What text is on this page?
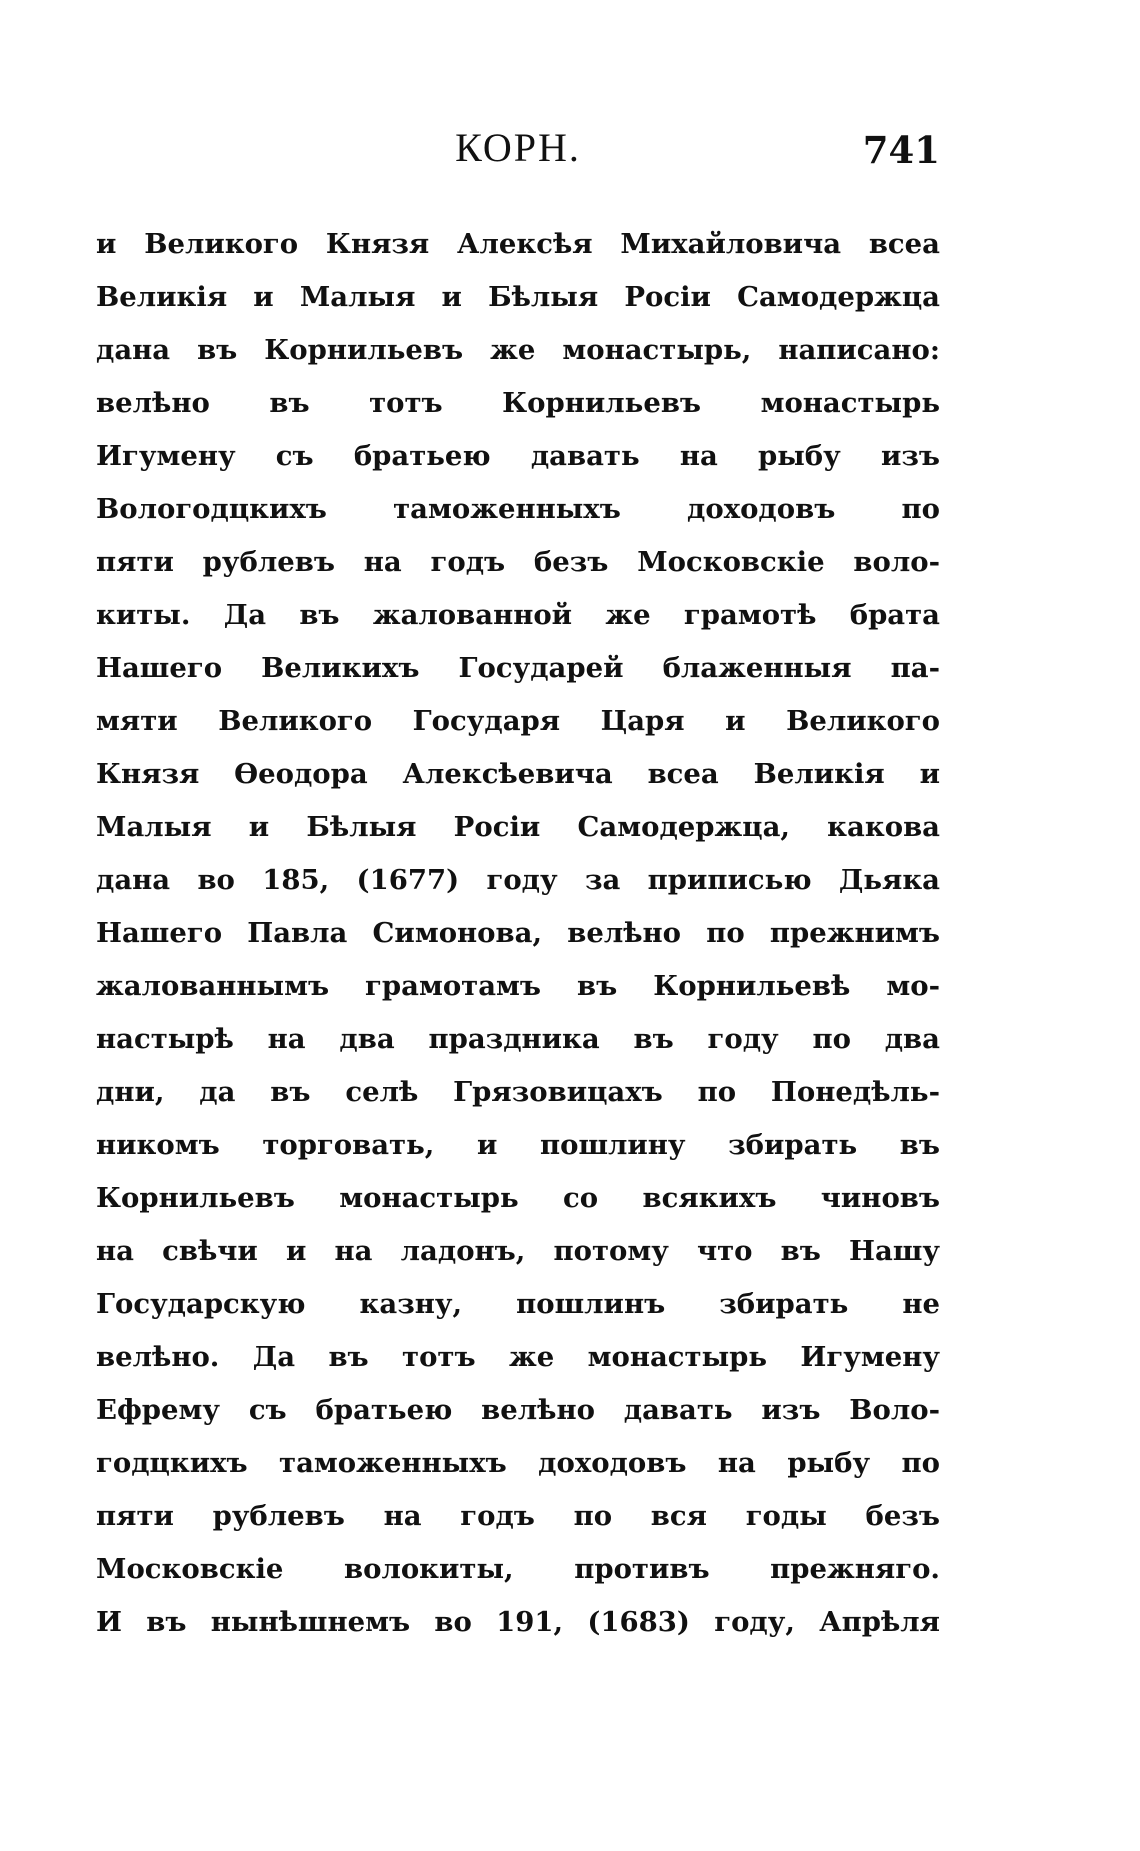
КОРН.	741
и Великого Князя Алексѣя Михайловича всеа
Великія и Малыя и Бѣлыя Росіи Самодержца
дана въ Корнильевъ же монастырь, написано:
велѣно въ тотъ Корнильевъ монастырь
Игумену съ братьею давать на рыбу изъ
Вологодцкихъ таможенныхъ доходовъ по
пяти рублевъ на годъ безъ Московскіе воло-
киты. Да въ жалованной же грамотѣ брата
Нашего Великихъ Государей блаженныя па-
мяти Великого Государя Царя и Великого
Князя Ѳеодора Алексѣевича всеа Великія и
Малыя и Бѣлыя Росіи Самодержца, какова
дана во 185, (1677) году за приписью Дьяка
Нашего Павла Симонова, велѣно по прежнимъ
жалованнымъ грамотамъ въ Корнильевѣ мо-
настырѣ на два праздника въ году по два
дни, да въ селѣ Грязовицахъ по Понедѣль-
никомъ торговать, и пошлину збирать въ
Корнильевъ монастырь со всякихъ чиновъ
на свѣчи и на ладонъ, потому что въ Нашу
Государскую казну, пошлинъ збирать не
велѣно. Да въ тотъ же монастырь Игумену
Ефрему съ братьею велѣно давать изъ Воло-
годцкихъ таможенныхъ доходовъ на рыбу по
пяти рублевъ на годъ по вся годы безъ
Московскіе волокиты, противъ прежняго.
И въ нынѣшнемъ во 191, (1683) году, Апрѣля
